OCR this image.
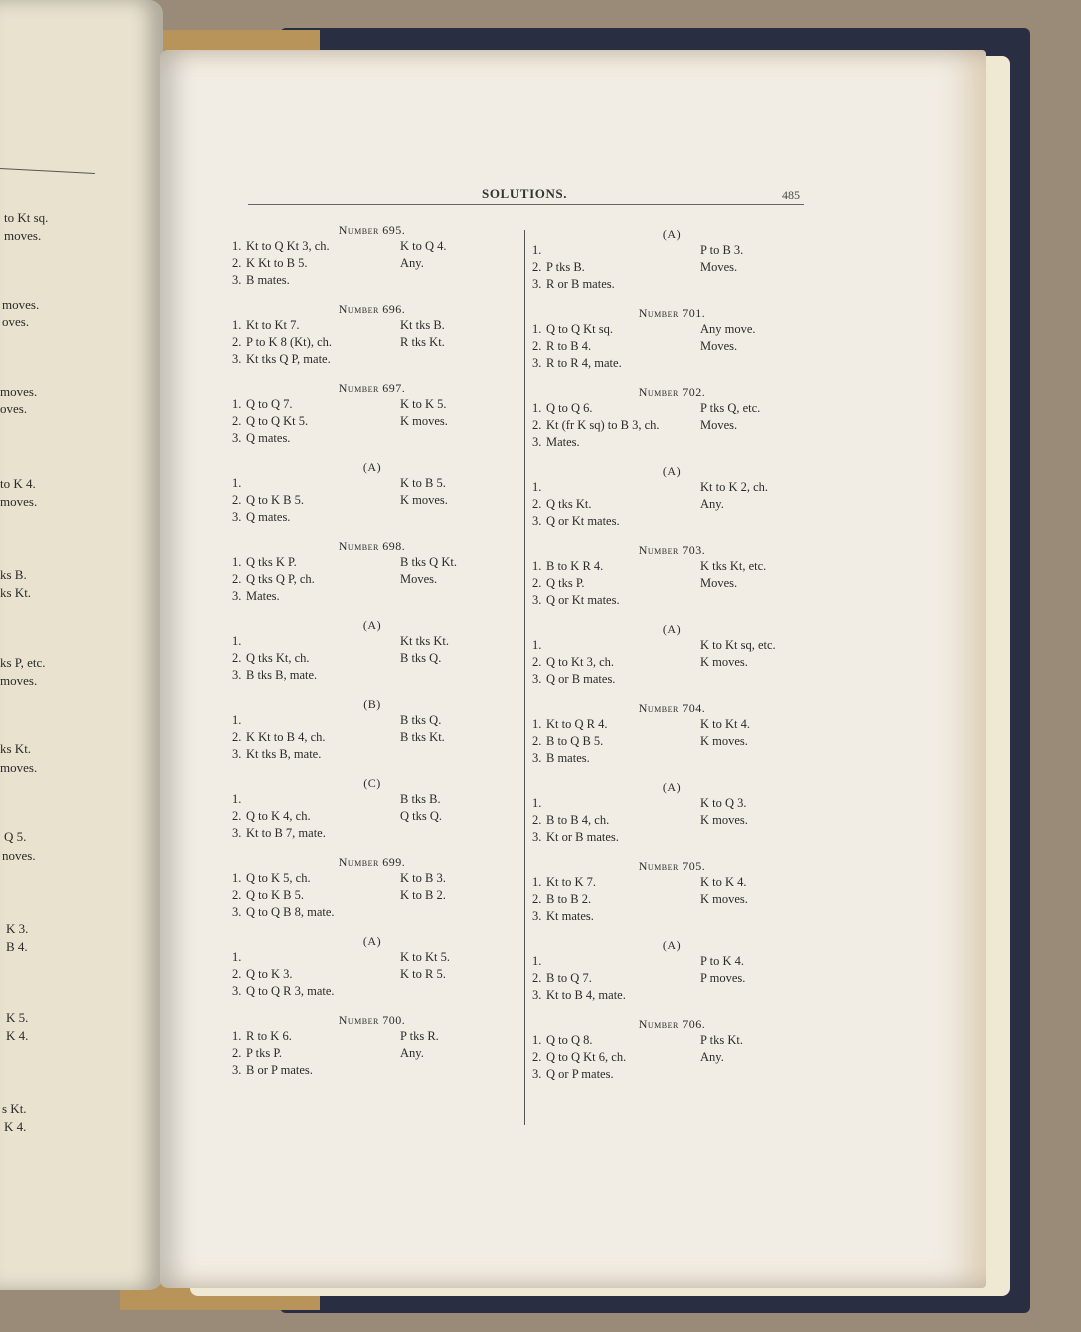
to Kt sq.
moves.
moves.
oves.
moves.
oves.
to K 4.
moves.
ks B.
ks Kt.
ks P, etc.
moves.
ks Kt.
moves.
Q 5.
noves.
K 3.
B 4.
K 5.
K 4.
s Kt.
K 4.
SOLUTIONS.	485
Number 695.
1. Kt to Q Kt 3, ch.	K to Q 4.
2. K Kt to B 5.	Any.
3. B mates.
Number 696.
1. Kt to Kt 7.	Kt tks B.
2. P to K 8 (Kt), ch.	R tks Kt.
3. Kt tks Q P, mate.
Number 697.
1. Q to Q 7.	K to K 5.
2. Q to Q Kt 5.	K moves.
3. Q mates.
(A)
1.	K to B 5.
2. Q to K B 5.	K moves.
3. Q mates.
Number 698.
1. Q tks K P.	B tks Q Kt.
2. Q tks Q P, ch.	Moves.
3. Mates.
(A)
1.	Kt tks Kt.
2. Q tks Kt, ch.	B tks Q.
3. B tks B, mate.
(B)
1.	B tks Q.
2. K Kt to B 4, ch.	B tks Kt.
3. Kt tks B, mate.
(C)
1.	B tks B.
2. Q to K 4, ch.	Q tks Q.
3. Kt to B 7, mate.
Number 699.
1. Q to K 5, ch.	K to B 3.
2. Q to K B 5.	K to B 2.
3. Q to Q B 8, mate.
(A)
1.	K to Kt 5.
2. Q to K 3.	K to R 5.
3. Q to Q R 3, mate.
Number 700.
1. R to K 6.	P tks R.
2. P tks P.	Any.
3. B or P mates.
(A)
1.	P to B 3.
2. P tks B.	Moves.
3. R or B mates.
Number 701.
1. Q to Q Kt sq.	Any move.
2. R to B 4.	Moves.
3. R to R 4, mate.
Number 702.
1. Q to Q 6.	P tks Q, etc.
2. Kt (fr K sq) to B 3, ch.	Moves.
3. Mates.
(A)
1.	Kt to K 2, ch.
2. Q tks Kt.	Any.
3. Q or Kt mates.
Number 703.
1. B to K R 4.	K tks Kt, etc.
2. Q tks P.	Moves.
3. Q or Kt mates.
(A)
1.	K to Kt sq, etc.
2. Q to Kt 3, ch.	K moves.
3. Q or B mates.
Number 704.
1. Kt to Q R 4.	K to Kt 4.
2. B to Q B 5.	K moves.
3. B mates.
(A)
1.	K to Q 3.
2. B to B 4, ch.	K moves.
3. Kt or B mates.
Number 705.
1. Kt to K 7.	K to K 4.
2. B to B 2.	K moves.
3. Kt mates.
(A)
1.	P to K 4.
2. B to Q 7.	P moves.
3. Kt to B 4, mate.
Number 706.
1. Q to Q 8.	P tks Kt.
2. Q to Q Kt 6, ch.	Any.
3. Q or P mates.
